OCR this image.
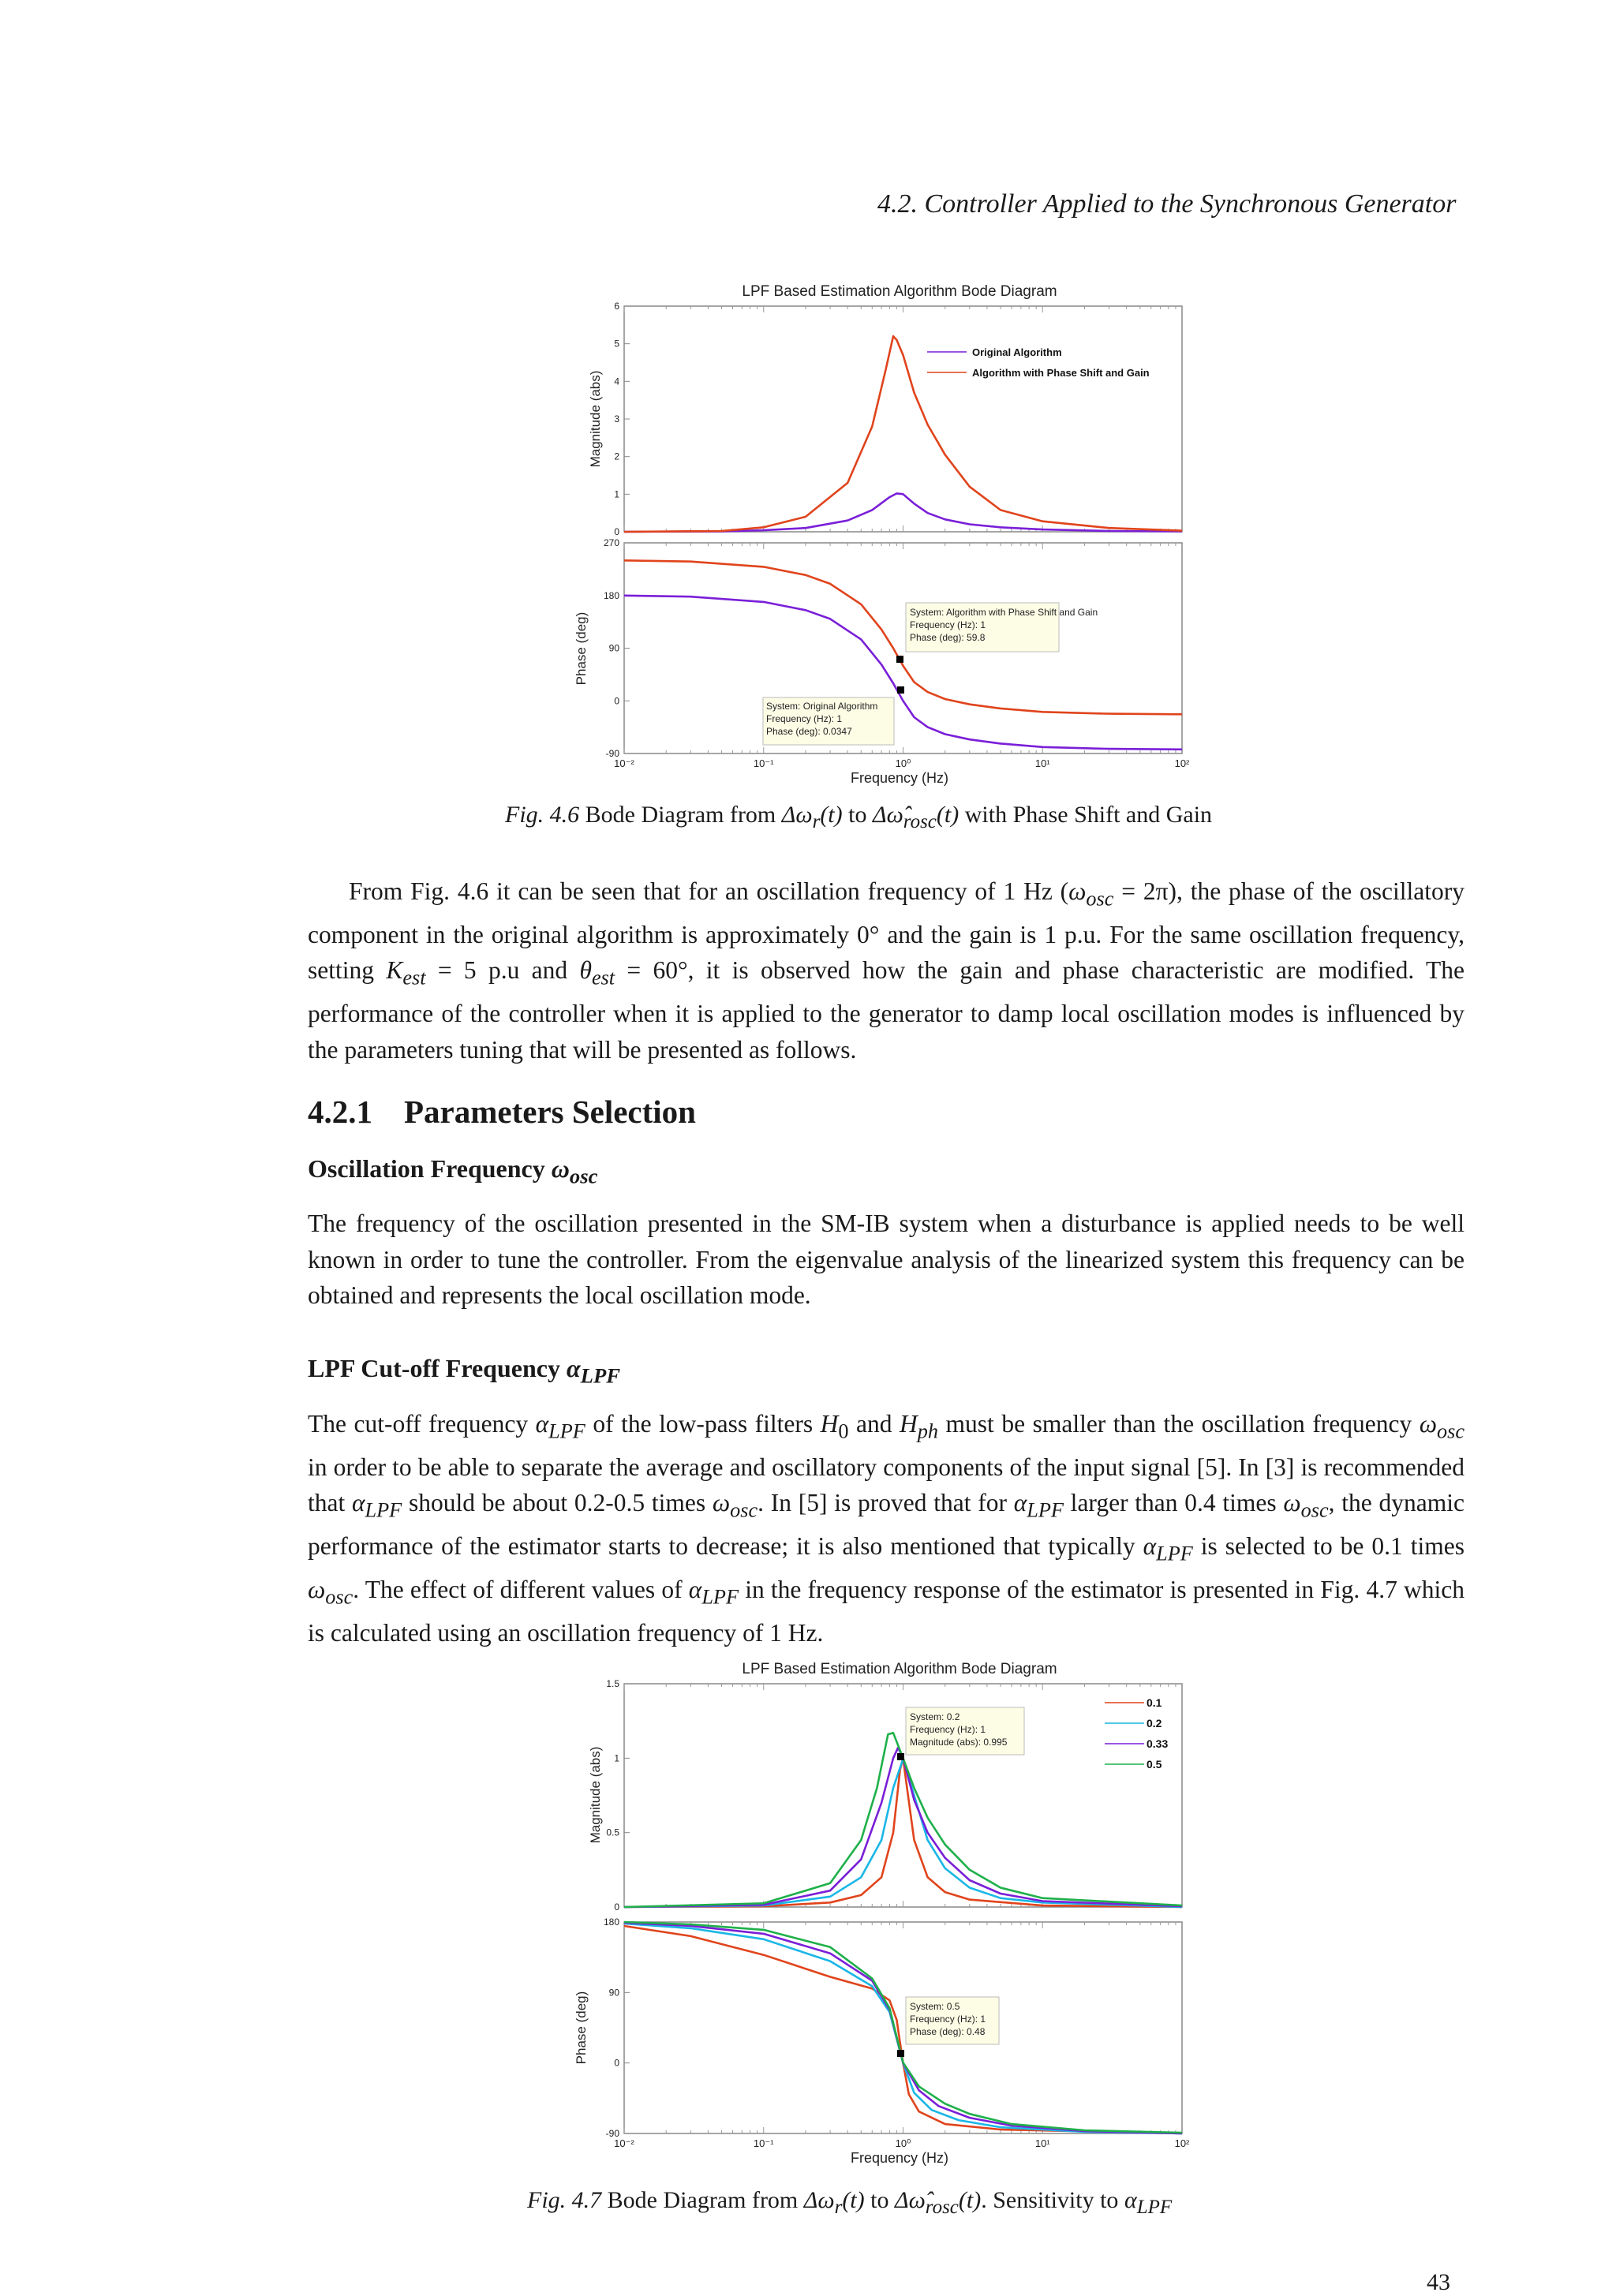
4.2. Controller Applied to the Synchronous Generator
LPF Based Estimation Algorithm Bode Diagram
0
1
2
3
4
5
6
Magnitude (abs)
Original Algorithm
Algorithm with Phase Shift and Gain
-90
0
90
180
270
Phase (deg)
10⁻²	10⁻¹	10⁰	10¹	10²
Frequency (Hz)
System: Algorithm with Phase Shift and Gain
Frequency (Hz): 1
Phase (deg): 59.8
System: Original Algorithm
Frequency (Hz): 1
Phase (deg): 0.0347
Fig. 4.6 Bode Diagram from $\Delta\omega_r(t)$ to $\Delta\omegâ_{rosc}(t)$ with Phase Shift and Gain

From Fig. 4.6 it can be seen that for an oscillation frequency of 1 Hz $(\omega_{osc} = 2\pi)$, the phase of the oscillatory component in the original algorithm is approximately 0° and the gain is 1 p.u. For the same oscillation frequency, setting $K_{est} = 5$ p.u and $\theta_{est} = 60^\circ$, it is observed how the gain and phase characteristic are modified. The performance of the controller when it is applied to the generator to damp local oscillation modes is influenced by the parameters tuning that will be presented as follows.

4.2.1 Parameters Selection
Oscillation Frequency $\omega_{osc}$

The frequency of the oscillation presented in the SM-IB system when a disturbance is applied needs to be well known in order to tune the controller. From the eigenvalue analysis of the linearized system this frequency can be obtained and represents the local oscillation mode.

LPF Cut-off Frequency $\alpha_{LPF}$

The cut-off frequency $\alpha_{LPF}$ of the low-pass filters $H_0$ and $H_{ph}$ must be smaller than the oscillation frequency $\omega_{osc}$ in order to be able to separate the average and oscillatory components of the input signal [5]. In [3] is recommended that $\alpha_{LPF}$ should be about 0.2-0.5 times $\omega_{osc}$. In [5] is proved that for $\alpha_{LPF}$ larger than 0.4 times $\omega_{osc}$, the dynamic performance of the estimator starts to decrease; it is also mentioned that typically $\alpha_{LPF}$ is selected to be 0.1 times $\omega_{osc}$. The effect of different values of $\alpha_{LPF}$ in the frequency response of the estimator is presented in Fig. 4.7 which is calculated using an oscillation frequency of 1 Hz.

LPF Based Estimation Algorithm Bode Diagram
0
0.5
1
1.5
Magnitude (abs)
0.1
0.2
0.33
0.5
-90
0
90
180
Phase (deg)
10⁻²	10⁻¹	10⁰	10¹	10²
Frequency (Hz)
System: 0.2
Frequency (Hz): 1
Magnitude (abs): 0.995
System: 0.5
Frequency (Hz): 1
Phase (deg): 0.48
Fig. 4.7 Bode Diagram from $\Delta\omega_r(t)$ to $\Delta\omegâ_{rosc}(t)$. Sensitivity to $\alpha_{LPF}$
43
